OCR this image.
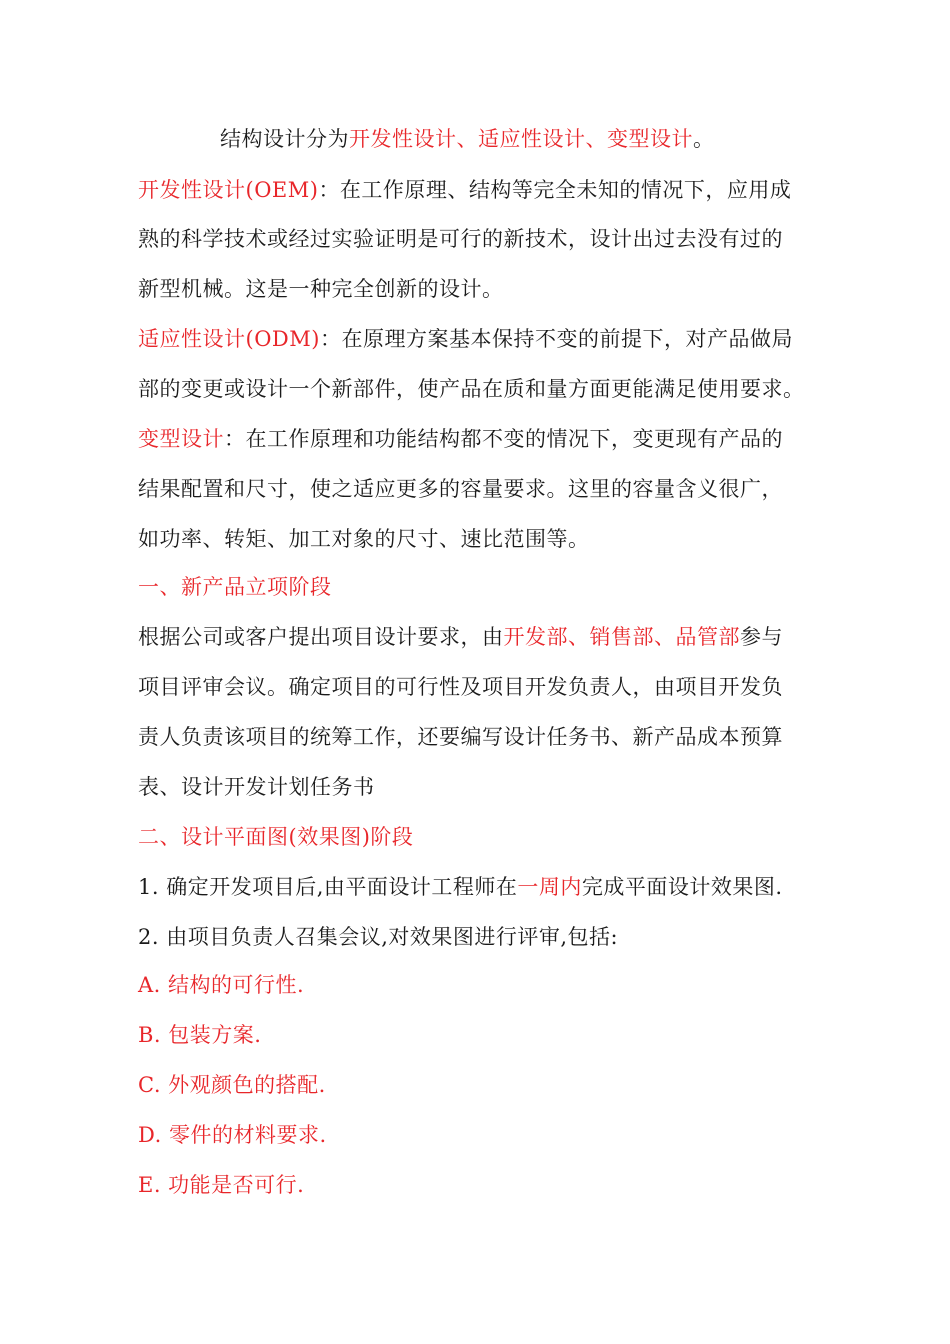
结构设计分为开发性设计、适应性设计、变型设计。
开发性设计(OEM)：在工作原理、结构等完全未知的情况下，应用成
熟的科学技术或经过实验证明是可行的新技术，设计出过去没有过的
新型机械。这是一种完全创新的设计。
适应性设计(ODM)：在原理方案基本保持不变的前提下，对产品做局
部的变更或设计一个新部件，使产品在质和量方面更能满足使用要求。
变型设计：在工作原理和功能结构都不变的情况下，变更现有产品的
结果配置和尺寸，使之适应更多的容量要求。这里的容量含义很广，
如功率、转矩、加工对象的尺寸、速比范围等。
一、新产品立项阶段
根据公司或客户提出项目设计要求，由开发部、销售部、品管部参与
项目评审会议。确定项目的可行性及项目开发负责人，由项目开发负
责人负责该项目的统筹工作，还要编写设计任务书、新产品成本预算
表、设计开发计划任务书
二、设计平面图(效果图)阶段
1. 确定开发项目后,由平面设计工程师在一周内完成平面设计效果图.
2. 由项目负责人召集会议,对效果图进行评审,包括:
A. 结构的可行性.
B. 包装方案.
C. 外观颜色的搭配.
D. 零件的材料要求.
E. 功能是否可行.
